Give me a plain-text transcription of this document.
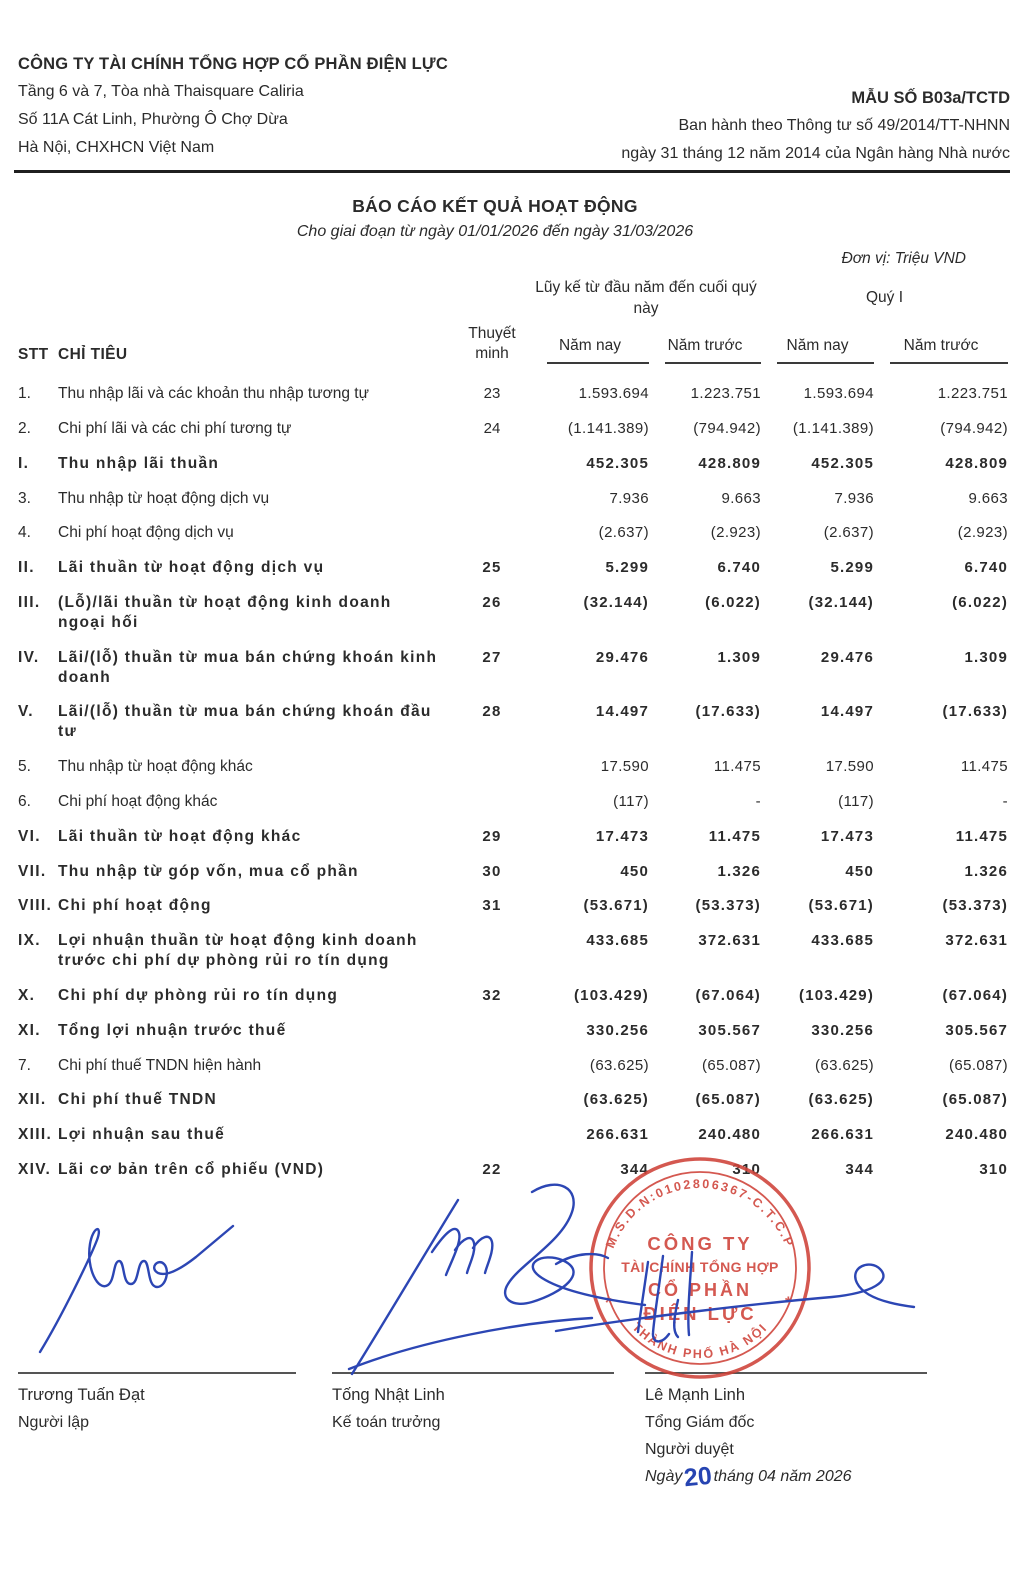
CÔNG TY TÀI CHÍNH TỔNG HỢP CỔ PHẦN ĐIỆN LỰC
Tầng 6 và 7, Tòa nhà Thaisquare Caliria
Số 11A Cát Linh, Phường Ô Chợ Dừa
Hà Nội, CHXHCN Việt Nam
MẪU SỐ B03a/TCTD
Ban hành theo Thông tư số 49/2014/TT-NHNN
ngày 31 tháng 12 năm 2014 của Ngân hàng Nhà nước
BÁO CÁO KẾT QUẢ HOẠT ĐỘNG
Cho giai đoạn từ ngày 01/01/2026 đến ngày 31/03/2026
Đơn vị: Triệu VND
			Lũy kế từ đầu năm đến cuối quý này		Quý I	
STT	CHỈ TIÊU	Thuyết minh	Năm nay	Năm trước	Năm nay	Năm trước

1.	Thu nhập lãi và các khoản thu nhập tương tự	23	1.593.694	1.223.751	1.593.694	1.223.751
2.	Chi phí lãi và các chi phí tương tự	24	(1.141.389)	(794.942)	(1.141.389)	(794.942)
I.	Thu nhập lãi thuần		452.305	428.809	452.305	428.809
3.	Thu nhập từ hoạt động dịch vụ		7.936	9.663	7.936	9.663
4.	Chi phí hoạt động dịch vụ		(2.637)	(2.923)	(2.637)	(2.923)
II.	Lãi thuần từ hoạt động dịch vụ	25	5.299	6.740	5.299	6.740
III.	(Lỗ)/lãi thuần từ hoạt động kinh doanh ngoại hối	26	(32.144)	(6.022)	(32.144)	(6.022)
IV.	Lãi/(lỗ) thuần từ mua bán chứng khoán kinh doanh	27	29.476	1.309	29.476	1.309
V.	Lãi/(lỗ) thuần từ mua bán chứng khoán đầu tư	28	14.497	(17.633)	14.497	(17.633)
5.	Thu nhập từ hoạt động khác		17.590	11.475	17.590	11.475
6.	Chi phí hoạt động khác		(117)	-	(117)	-
VI.	Lãi thuần từ hoạt động khác	29	17.473	11.475	17.473	11.475
VII.	Thu nhập từ góp vốn, mua cổ phần	30	450	1.326	450	1.326
VIII.	Chi phí hoạt động	31	(53.671)	(53.373)	(53.671)	(53.373)
IX.	Lợi nhuận thuần từ hoạt động kinh doanh trước chi phí dự phòng rủi ro tín dụng		433.685	372.631	433.685	372.631
X.	Chi phí dự phòng rủi ro tín dụng	32	(103.429)	(67.064)	(103.429)	(67.064)
XI.	Tổng lợi nhuận trước thuế		330.256	305.567	330.256	305.567
7.	Chi phí thuế TNDN hiện hành		(63.625)	(65.087)	(63.625)	(65.087)
XII.	Chi phí thuế TNDN		(63.625)	(65.087)	(63.625)	(65.087)
XIII.	Lợi nhuận sau thuế		266.631	240.480	266.631	240.480
XIV.	Lãi cơ bản trên cổ phiếu (VND)	22	344	310	344	310
Trương Tuấn Đạt
Người lập
Tống Nhật Linh
Kế toán trưởng
Lê Mạnh Linh
Tổng Giám đốc
Người duyệt
Ngày20 tháng 04 năm 2026
M.S.D.N:0102806367-C.T.C.P
THÀNH PHỐ HÀ NỘI
*	*
CÔNG TY
TÀI CHÍNH TỔNG HỢP
CỔ PHẦN
ĐIỆN LỰC
